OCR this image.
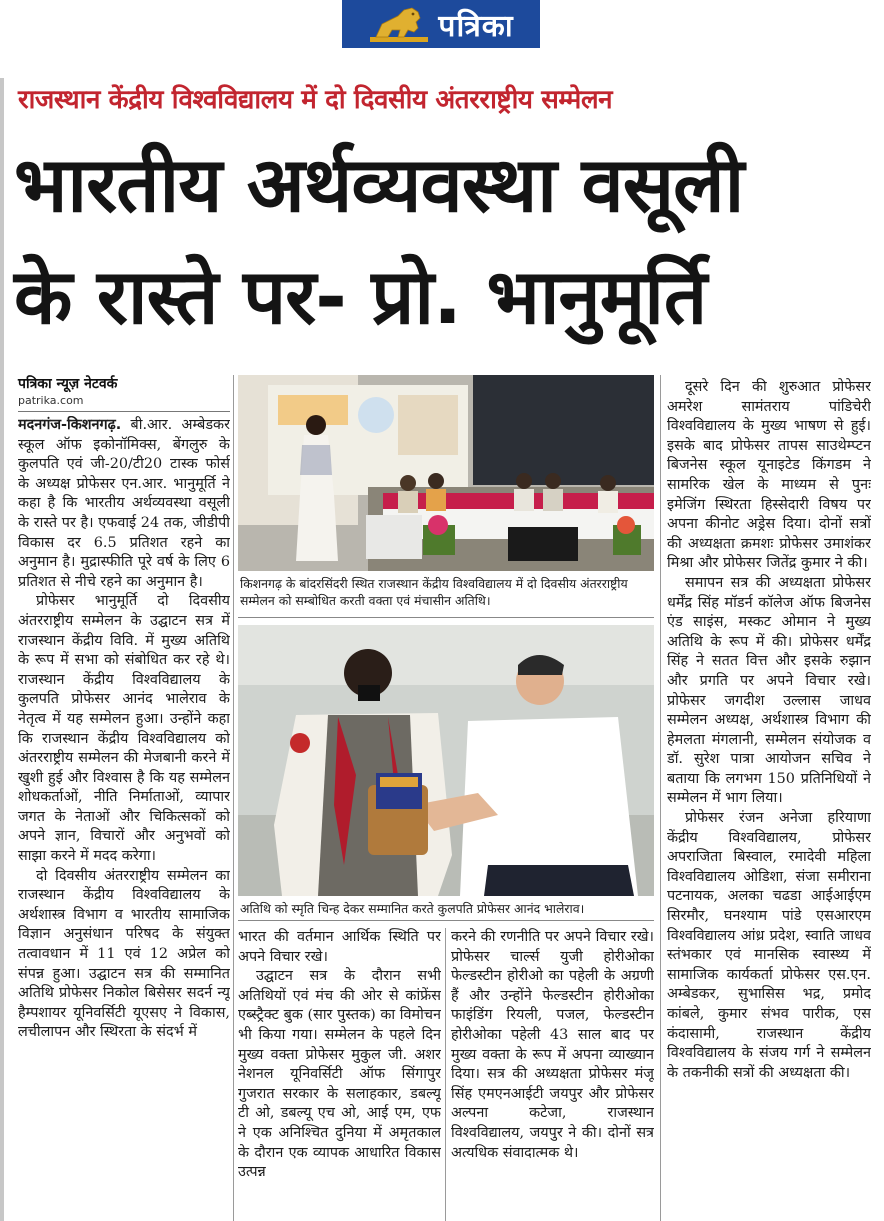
पत्रिका
राजस्थान केंद्रीय विश्वविद्यालय में दो दिवसीय अंतरराष्ट्रीय सम्मेलन
भारतीय अर्थव्यवस्था वसूली
के रास्ते पर- प्रो. भानुमूर्ति
पत्रिका न्यूज़ नेटवर्क
patrika.com

मदनगंज-किशनगढ़. बी.आर. अम्बेडकर स्कूल ऑफ इकोनॉमिक्स, बेंगलुरु के कुलपति एवं जी-20/टी20 टास्क फोर्स के अध्यक्ष प्रोफेसर एन.आर. भानुमूर्ति ने कहा है कि भारतीय अर्थव्यवस्था वसूली के रास्ते पर है। एफवाई 24 तक, जीडीपी विकास दर 6.5 प्रतिशत रहने का अनुमान है। मुद्रास्फीति पूरे वर्ष के लिए 6 प्रतिशत से नीचे रहने का अनुमान है।

प्रोफेसर भानुमूर्ति दो दिवसीय अंतरराष्ट्रीय सम्मेलन के उद्घाटन सत्र में राजस्थान केंद्रीय विवि. में मुख्य अतिथि के रूप में सभा को संबोधित कर रहे थे। राजस्थान केंद्रीय विश्वविद्यालय के कुलपति प्रोफेसर आनंद भालेराव के नेतृत्व में यह सम्मेलन हुआ। उन्होंने कहा कि राजस्थान केंद्रीय विश्वविद्यालय को अंतरराष्ट्रीय सम्मेलन की मेजबानी करने में खुशी हुई और विश्वास है कि यह सम्मेलन शोधकर्ताओं, नीति निर्माताओं, व्यापार जगत के नेताओं और चिकित्सकों को अपने ज्ञान, विचारों और अनुभवों को साझा करने में मदद करेगा।

दो दिवसीय अंतरराष्ट्रीय सम्मेलन का राजस्थान केंद्रीय विश्वविद्यालय के अर्थशास्त्र विभाग व भारतीय सामाजिक विज्ञान अनुसंधान परिषद के संयुक्त तत्वावधान में 11 एवं 12 अप्रेल को संपन्न हुआ। उद्घाटन सत्र की सम्मानित अतिथि प्रोफेसर निकोल बिसेसर सदर्न न्यू हैम्पशायर यूनिवर्सिटी यूएसए ने विकास, लचीलापन और स्थिरता के संदर्भ में

किशनगढ़ के बांदरसिंदरी स्थित राजस्थान केंद्रीय विश्वविद्यालय में दो दिवसीय अंतरराष्ट्रीय सम्मेलन को सम्बोधित करती वक्ता एवं मंचासीन अतिथि।
अतिथि को स्मृति चिन्ह देकर सम्मानित करते कुलपति प्रोफेसर आनंद भालेराव।

भारत की वर्तमान आर्थिक स्थिति पर अपने विचार रखे।

उद्घाटन सत्र के दौरान सभी अतिथियों एवं मंच की ओर से कांफ्रेंस एब्स्ट्रैक्ट बुक (सार पुस्तक) का विमोचन भी किया गया। सम्मेलन के पहले दिन मुख्य वक्ता प्रोफेसर मुकुल जी. अशर नेशनल यूनिवर्सिटी ऑफ सिंगापुर गुजरात सरकार के सलाहकार, डबल्यू टी ओ, डबल्यू एच ओ, आई एम, एफ ने एक अनिश्चित दुनिया में अमृतकाल के दौरान एक व्यापक आधारित विकास उत्पन्न

करने की रणनीति पर अपने विचार रखे। प्रोफेसर चार्ल्स युजी होरीओका फेल्डस्टीन होरीओ का पहेली के अग्रणी हैं और उन्होंने फेल्डस्टीन होरीओका फाइंडिंग रियली, पजल, फेल्डस्टीन होरीओका पहेली 43 साल बाद पर मुख्य वक्ता के रूप में अपना व्याख्यान दिया। सत्र की अध्यक्षता प्रोफेसर मंजू सिंह एमएनआईटी जयपुर और प्रोफेसर अल्पना कटेजा, राजस्थान विश्वविद्यालय, जयपुर ने की। दोनों सत्र अत्यधिक संवादात्मक थे।

दूसरे दिन की शुरुआत प्रोफेसर अमरेश सामंतराय पांडिचेरी विश्वविद्यालय के मुख्य भाषण से हुई। इसके बाद प्रोफेसर तापस साउथेम्प्टन बिजनेस स्कूल यूनाइटेड किंगडम ने सामरिक खेल के माध्यम से पुनः इमेजिंग स्थिरता हिस्सेदारी विषय पर अपना कीनोट अड्रेस दिया। दोनों सत्रों की अध्यक्षता क्रमशः प्रोफेसर उमाशंकर मिश्रा और प्रोफेसर जितेंद्र कुमार ने की।

समापन सत्र की अध्यक्षता प्रोफेसर धर्मेंद्र सिंह मॉडर्न कॉलेज ऑफ बिजनेस एंड साइंस, मस्कट ओमान ने मुख्य अतिथि के रूप में की। प्रोफेसर धर्मेंद्र सिंह ने सतत वित्त और इसके रुझान और प्रगति पर अपने विचार रखे। प्रोफेसर जगदीश उल्लास जाधव सम्मेलन अध्यक्ष, अर्थशास्त्र विभाग की हेमलता मंगलानी, सम्मेलन संयोजक व डॉ. सुरेश पात्रा आयोजन सचिव ने बताया कि लगभग 150 प्रतिनिधियों ने सम्मेलन में भाग लिया।

प्रोफेसर रंजन अनेजा हरियाणा केंद्रीय विश्वविद्यालय, प्रोफेसर अपराजिता बिस्वाल, रमादेवी महिला विश्वविद्यालय ओडिशा, संजा समीराना पटनायक, अलका चढडा आईआईएम सिरमौर, घनश्याम पांडे एसआरएम विश्वविद्यालय आंध्र प्रदेश, स्वाति जाधव स्तंभकार एवं मानसिक स्वास्थ्य में सामाजिक कार्यकर्ता प्रोफेसर एस.एन. अम्बेडकर, सुभासिस भद्र, प्रमोद कांबले, कुमार संभव पारीक, एस कंदासामी, राजस्थान केंद्रीय विश्वविद्यालय के संजय गर्ग ने सम्मेलन के तकनीकी सत्रों की अध्यक्षता की।
